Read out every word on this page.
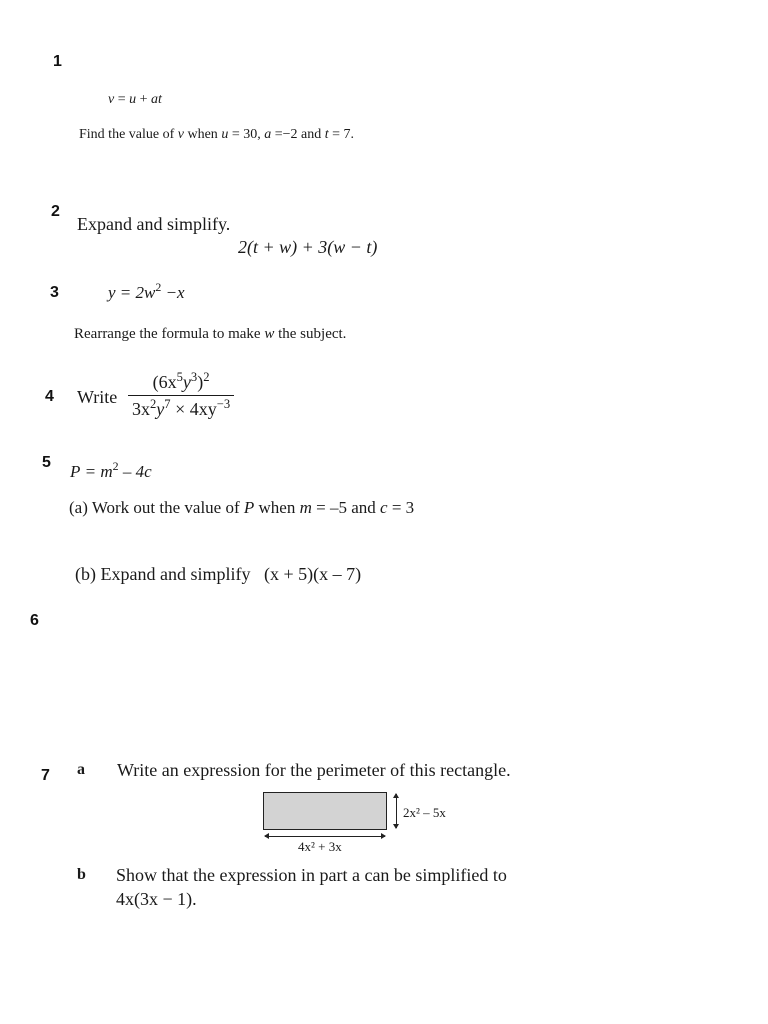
1
v = u + at
Find the value of v when u = 30, a =−2 and t = 7.
2
Expand and simplify.
2(t + w) + 3(w − t)
3	$y = 2w^2 -x$
Rearrange the formula to make w the subject.
4 Write $\frac{(6x^5y^3)^2}{3x^2y^7 \times 4xy^{-3}}$
5 $P = m^2 - 4c$
(a) Work out the value of P when m = –5 and c = 3
(b) Expand and simplify (x + 5)(x – 7)
6
7 a Write an expression for the perimeter of this rectangle.
2x² – 5x
4x² + 3x
b Show that the expression in part a can be simplified to
4x(3x − 1).
